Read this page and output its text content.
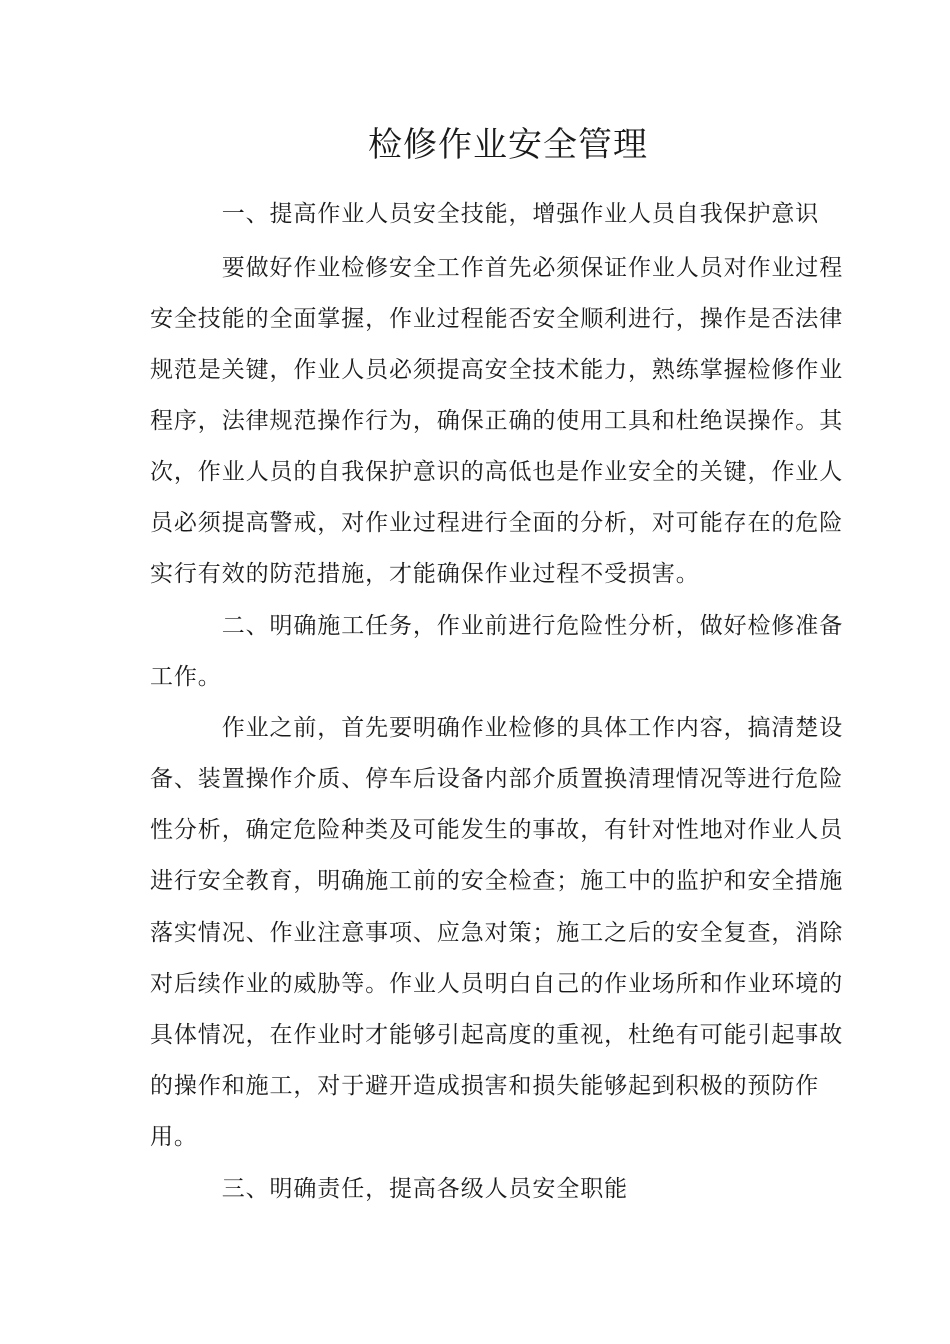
检修作业安全管理
　　　一、提高作业人员安全技能，增强作业人员自我保护意识
　　　要做好作业检修安全工作首先必须保证作业人员对作业过程
安全技能的全面掌握，作业过程能否安全顺利进行，操作是否法律
规范是关键，作业人员必须提高安全技术能力，熟练掌握检修作业
程序，法律规范操作行为，确保正确的使用工具和杜绝误操作。其
次，作业人员的自我保护意识的高低也是作业安全的关键，作业人
员必须提高警戒，对作业过程进行全面的分析，对可能存在的危险
实行有效的防范措施，才能确保作业过程不受损害。
　　　二、明确施工任务，作业前进行危险性分析，做好检修准备
工作。
　　　作业之前，首先要明确作业检修的具体工作内容，搞清楚设
备、装置操作介质、停车后设备内部介质置换清理情况等进行危险
性分析，确定危险种类及可能发生的事故，有针对性地对作业人员
进行安全教育，明确施工前的安全检查；施工中的监护和安全措施
落实情况、作业注意事项、应急对策；施工之后的安全复查，消除
对后续作业的威胁等。作业人员明白自己的作业场所和作业环境的
具体情况，在作业时才能够引起高度的重视，杜绝有可能引起事故
的操作和施工，对于避开造成损害和损失能够起到积极的预防作
用。
　　　三、明确责任，提高各级人员安全职能
